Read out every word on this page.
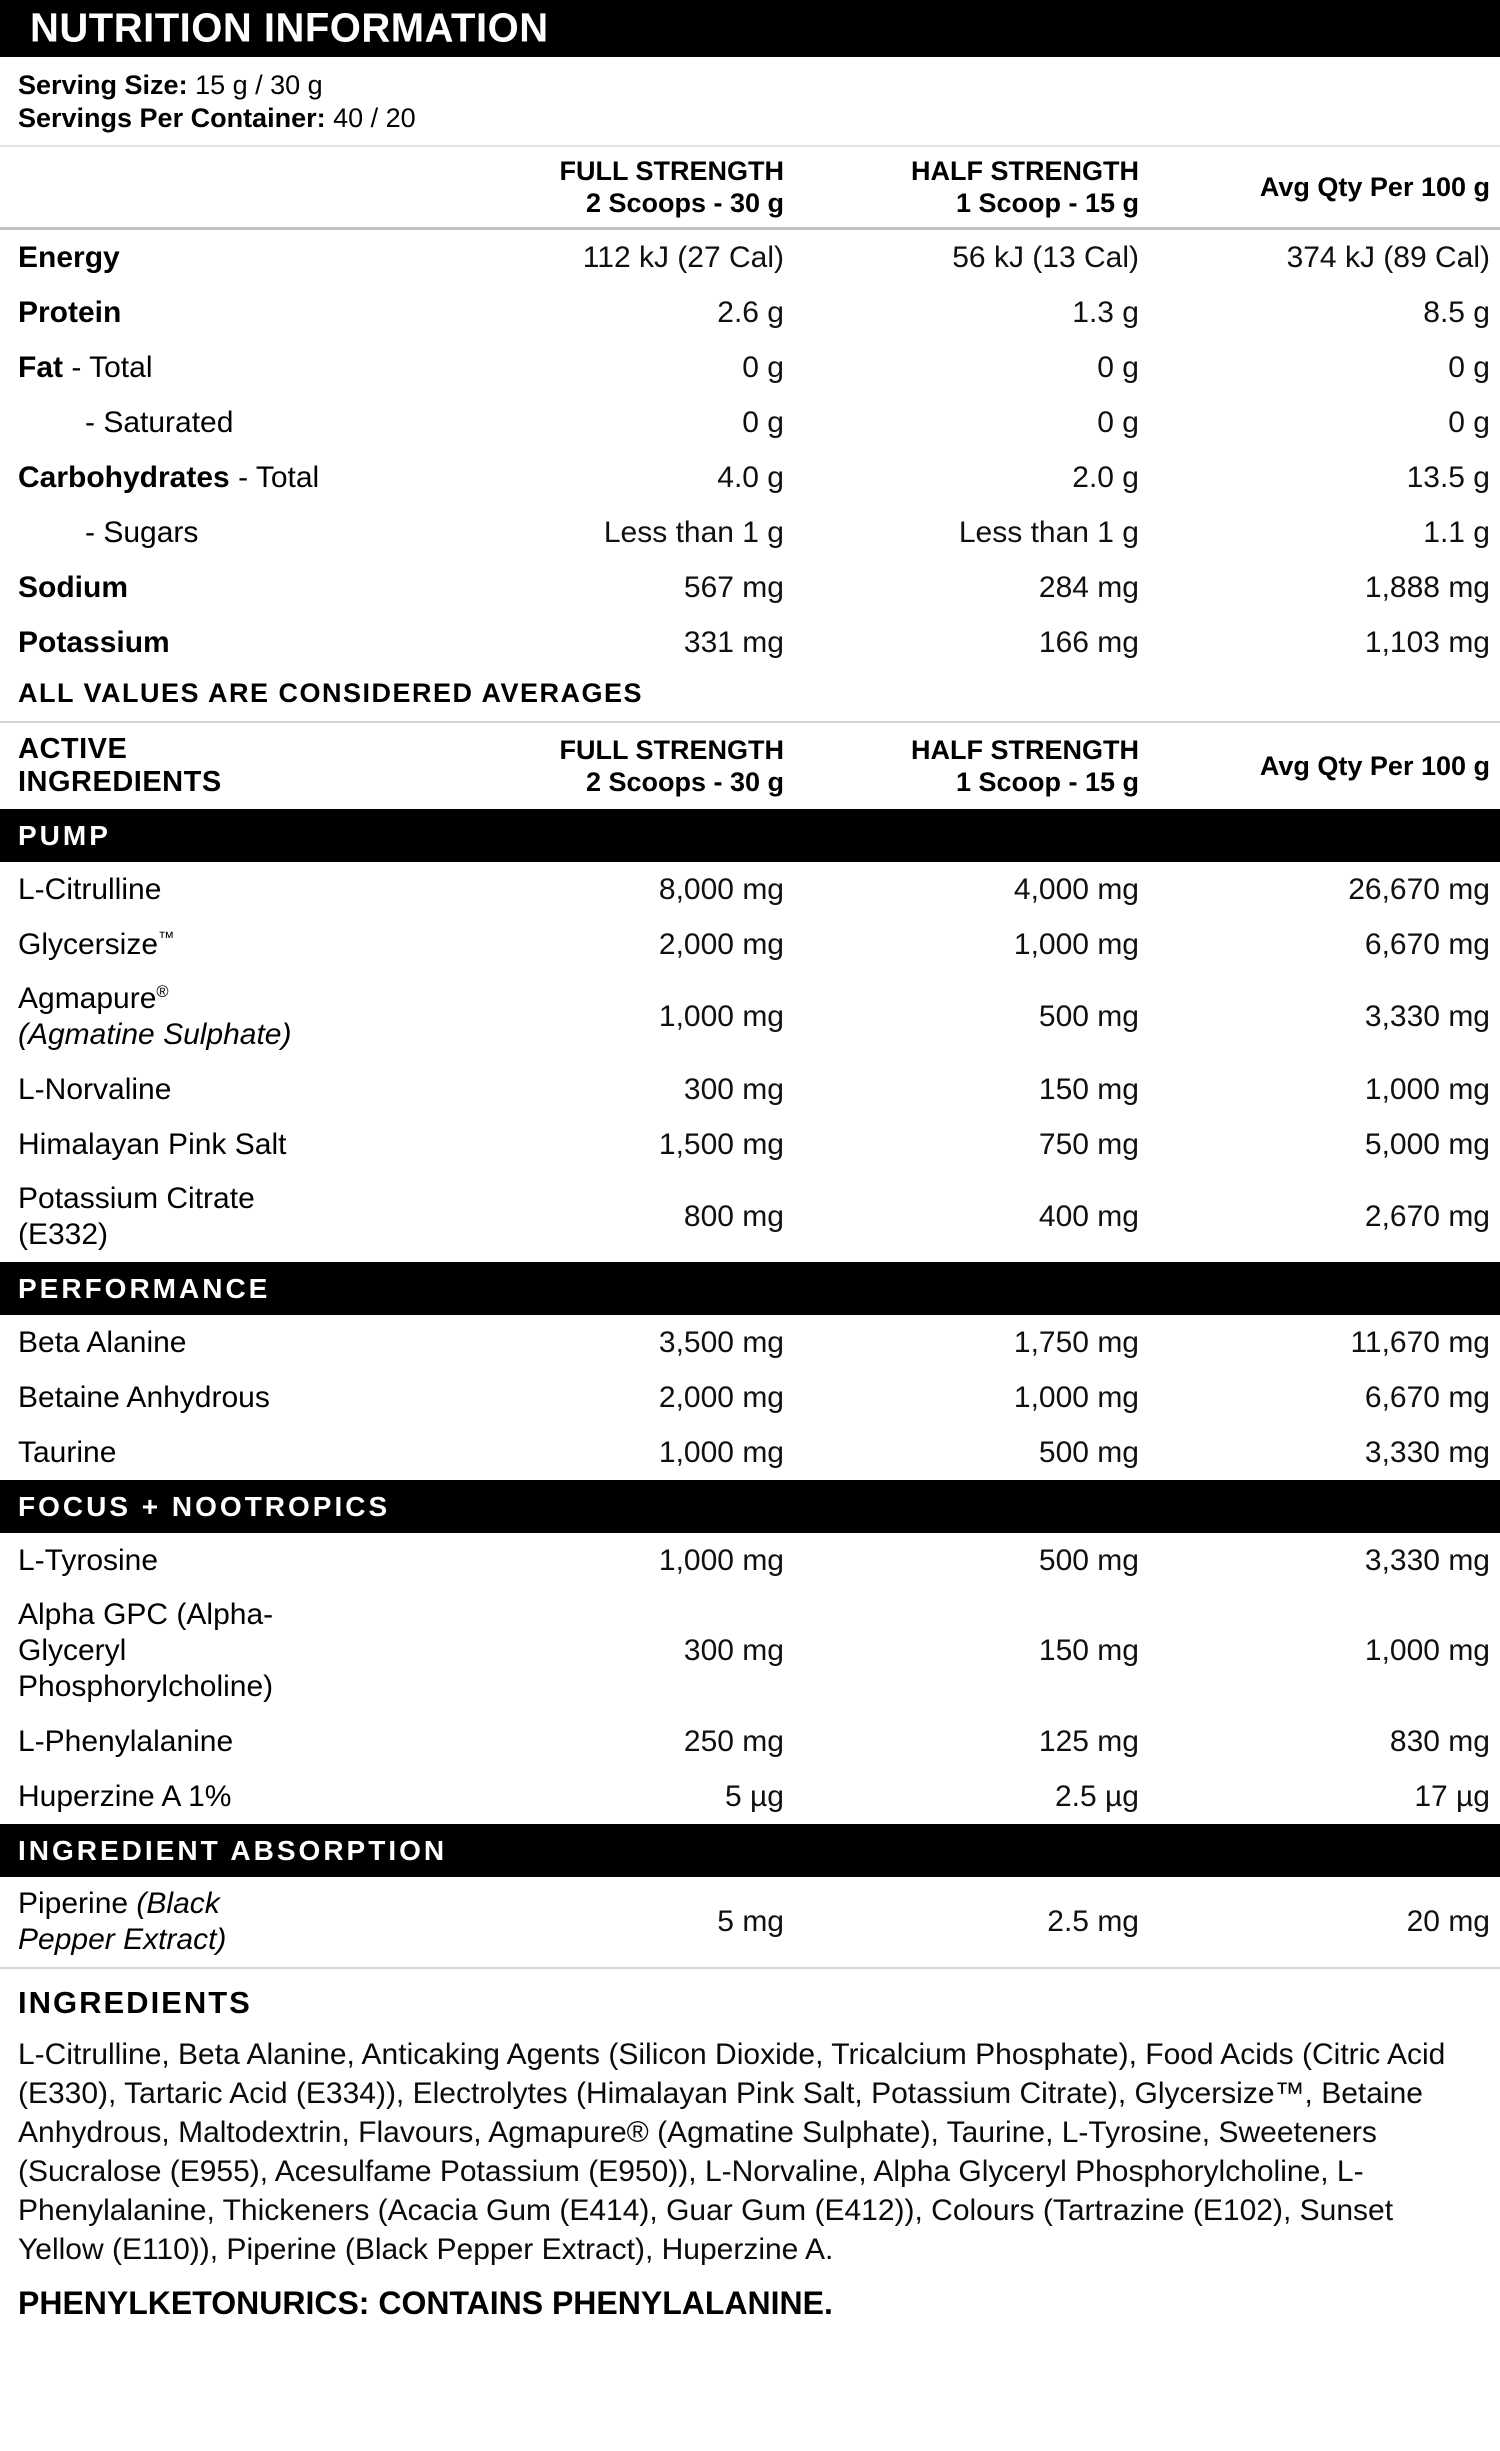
NUTRITION INFORMATION
Serving Size: 15 g / 30 g
Servings Per Container: 40 / 20
FULL STRENGTH
2 Scoops - 30 g
HALF STRENGTH
1 Scoop - 15 g
Avg Qty Per 100 g
Energy	112 kJ (27 Cal)	56 kJ (13 Cal)	374 kJ (89 Cal)
Protein	2.6 g	1.3 g	8.5 g
Fat - Total	0 g	0 g	0 g
- Saturated	0 g	0 g	0 g
Carbohydrates - Total	4.0 g	2.0 g	13.5 g
- Sugars	Less than 1 g	Less than 1 g	1.1 g
Sodium	567 mg	284 mg	1,888 mg
Potassium	331 mg	166 mg	1,103 mg
ALL VALUES ARE CONSIDERED AVERAGES
ACTIVE INGREDIENTS
FULL STRENGTH
2 Scoops - 30 g
HALF STRENGTH
1 Scoop - 15 g
Avg Qty Per 100 g
PUMP
L-Citrulline	8,000 mg	4,000 mg	26,670 mg
Glycersize™	2,000 mg	1,000 mg	6,670 mg
Agmapure® (Agmatine Sulphate)
1,000 mg	500 mg	3,330 mg
L-Norvaline	300 mg	150 mg	1,000 mg
Himalayan Pink Salt	1,500 mg	750 mg	5,000 mg
Potassium Citrate (E332)
800 mg	400 mg	2,670 mg
PERFORMANCE
Beta Alanine	3,500 mg	1,750 mg	11,670 mg
Betaine Anhydrous	2,000 mg	1,000 mg	6,670 mg
Taurine	1,000 mg	500 mg	3,330 mg
FOCUS + NOOTROPICS
L-Tyrosine	1,000 mg	500 mg	3,330 mg
Alpha GPC (Alpha-Glyceryl Phosphorylcholine)
300 mg	150 mg	1,000 mg
L-Phenylalanine	250 mg	125 mg	830 mg
Huperzine A 1%	5 µg	2.5 µg	17 µg
INGREDIENT ABSORPTION
Piperine (Black Pepper Extract)
5 mg	2.5 mg	20 mg
INGREDIENTS
L-Citrulline, Beta Alanine, Anticaking Agents (Silicon Dioxide, Tricalcium Phosphate), Food Acids (Citric Acid (E330), Tartaric Acid (E334)), Electrolytes (Himalayan Pink Salt, Potassium Citrate), Glycersize™, Betaine Anhydrous, Maltodextrin, Flavours, Agmapure® (Agmatine Sulphate), Taurine, L-Tyrosine, Sweeteners (Sucralose (E955), Acesulfame Potassium (E950)), L-Norvaline, Alpha Glyceryl Phosphorylcholine, L-Phenylalanine, Thickeners (Acacia Gum (E414), Guar Gum (E412)), Colours (Tartrazine (E102), Sunset Yellow (E110)), Piperine (Black Pepper Extract), Huperzine A.
PHENYLKETONURICS: CONTAINS PHENYLALANINE.
